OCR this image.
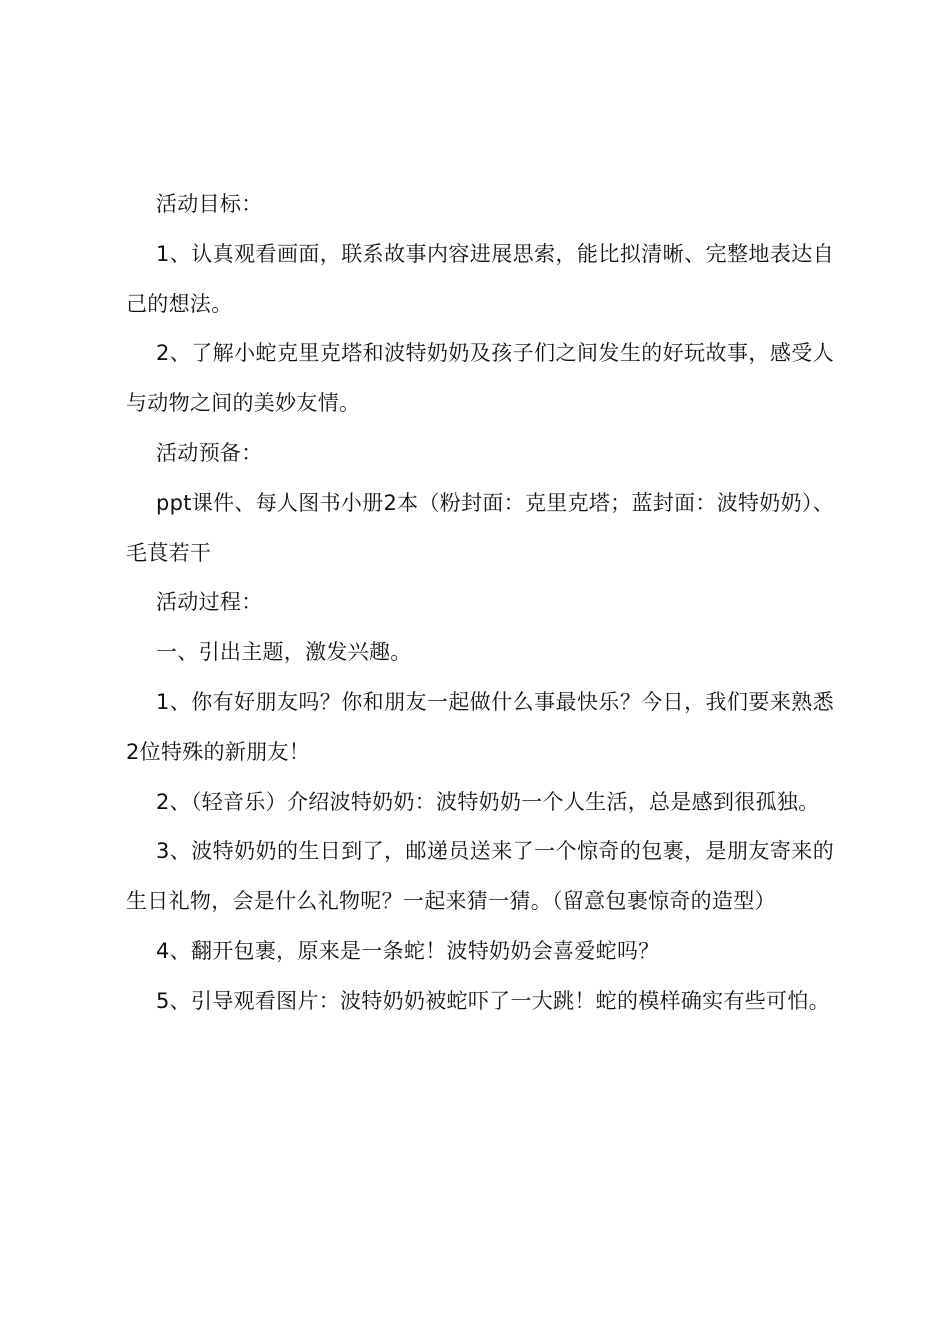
活动目标：

1、认真观看画面，联系故事内容进展思索，能比拟清晰、完整地表达自己的想法。

2、了解小蛇克里克塔和波特奶奶及孩子们之间发生的好玩故事，感受人与动物之间的美妙友情。

活动预备：

ppt课件、每人图书小册2本（粉封面：克里克塔；蓝封面：波特奶奶）、毛茛若干

活动过程：

一、引出主题，激发兴趣。

1、你有好朋友吗？你和朋友一起做什么事最快乐？今日，我们要来熟悉2位特殊的新朋友！

2、（轻音乐）介绍波特奶奶：波特奶奶一个人生活，总是感到很孤独。

3、波特奶奶的生日到了，邮递员送来了一个惊奇的包裹，是朋友寄来的生日礼物，会是什么礼物呢？一起来猜一猜。（留意包裹惊奇的造型）

4、翻开包裹，原来是一条蛇！波特奶奶会喜爱蛇吗？

5、引导观看图片：波特奶奶被蛇吓了一大跳！蛇的模样确实有些可怕。
